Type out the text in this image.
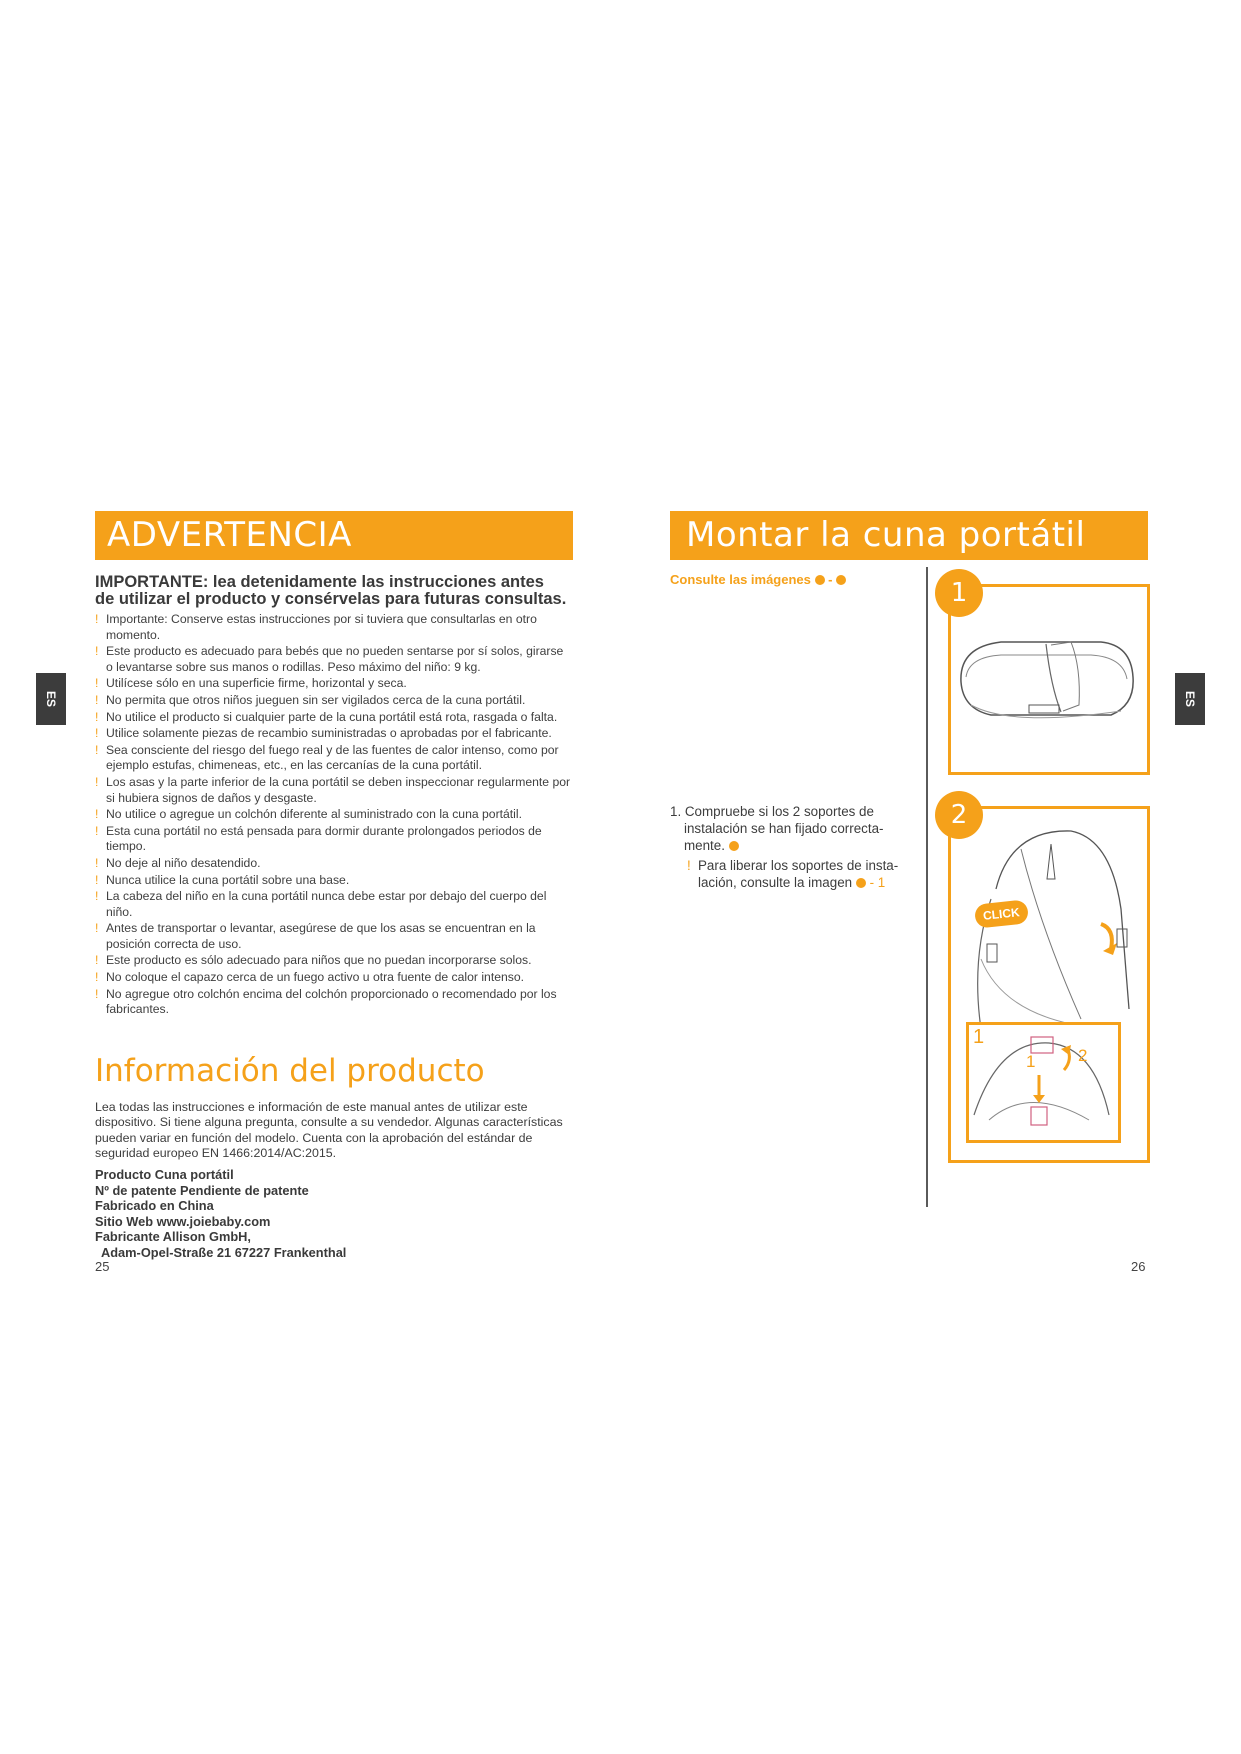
ES	ES
ADVERTENCIA
IMPORTANTE: lea detenidamente las instrucciones antes
de utilizar el producto y consérvelas para futuras consultas.
! Importante: Conserve estas instrucciones por si tuviera que consultarlas en otro momento.
! Este producto es adecuado para bebés que no pueden sentarse por sí solos, girarse o levantarse sobre sus manos o rodillas. Peso máximo del niño: 9 kg.
! Utilícese sólo en una superficie firme, horizontal y seca.
! No permita que otros niños jueguen sin ser vigilados cerca de la cuna portátil.
! No utilice el producto si cualquier parte de la cuna portátil está rota, rasgada o falta.
! Utilice solamente piezas de recambio suministradas o aprobadas por el fabricante.
! Sea consciente del riesgo del fuego real y de las fuentes de calor intenso, como por ejemplo estufas, chimeneas, etc., en las cercanías de la cuna portátil.
! Los asas y la parte inferior de la cuna portátil se deben inspeccionar regularmente por si hubiera signos de daños y desgaste.
! No utilice o agregue un colchón diferente al suministrado con la cuna portátil.
! Esta cuna portátil no está pensada para dormir durante prolongados periodos de tiempo.
! No deje al niño desatendido.
! Nunca utilice la cuna portátil sobre una base.
! La cabeza del niño en la cuna portátil nunca debe estar por debajo del cuerpo del niño.
! Antes de transportar o levantar, asegúrese de que los asas se encuentran en la posición correcta de uso.
! Este producto es sólo adecuado para niños que no puedan incorporarse solos.
! No coloque el capazo cerca de un fuego activo u otra fuente de calor intenso.
! No agregue otro colchón encima del colchón proporcionado o recomendado por los fabricantes.
Información del producto
Lea todas las instrucciones e información de este manual antes de utilizar este dispositivo. Si tiene alguna pregunta, consulte a su vendedor. Algunas características pueden variar en función del modelo. Cuenta con la aprobación del estándar de seguridad europeo EN 1466:2014/AC:2015.
Producto Cuna portátil
Nº de patente Pendiente de patente
Fabricado en China
Sitio Web www.joiebaby.com
Fabricante Allison GmbH,
Adam-Opel-Straße 21 67227 Frankenthal
25
Montar la cuna portátil
Consulte las imágenes -
1. Compruebe si los 2 soportes de
instalación se han fijado correcta-
mente.
! Para liberar los soportes de insta-
lación, consulte la imagen - 1
1
2
CLICK
1
2
1
26
